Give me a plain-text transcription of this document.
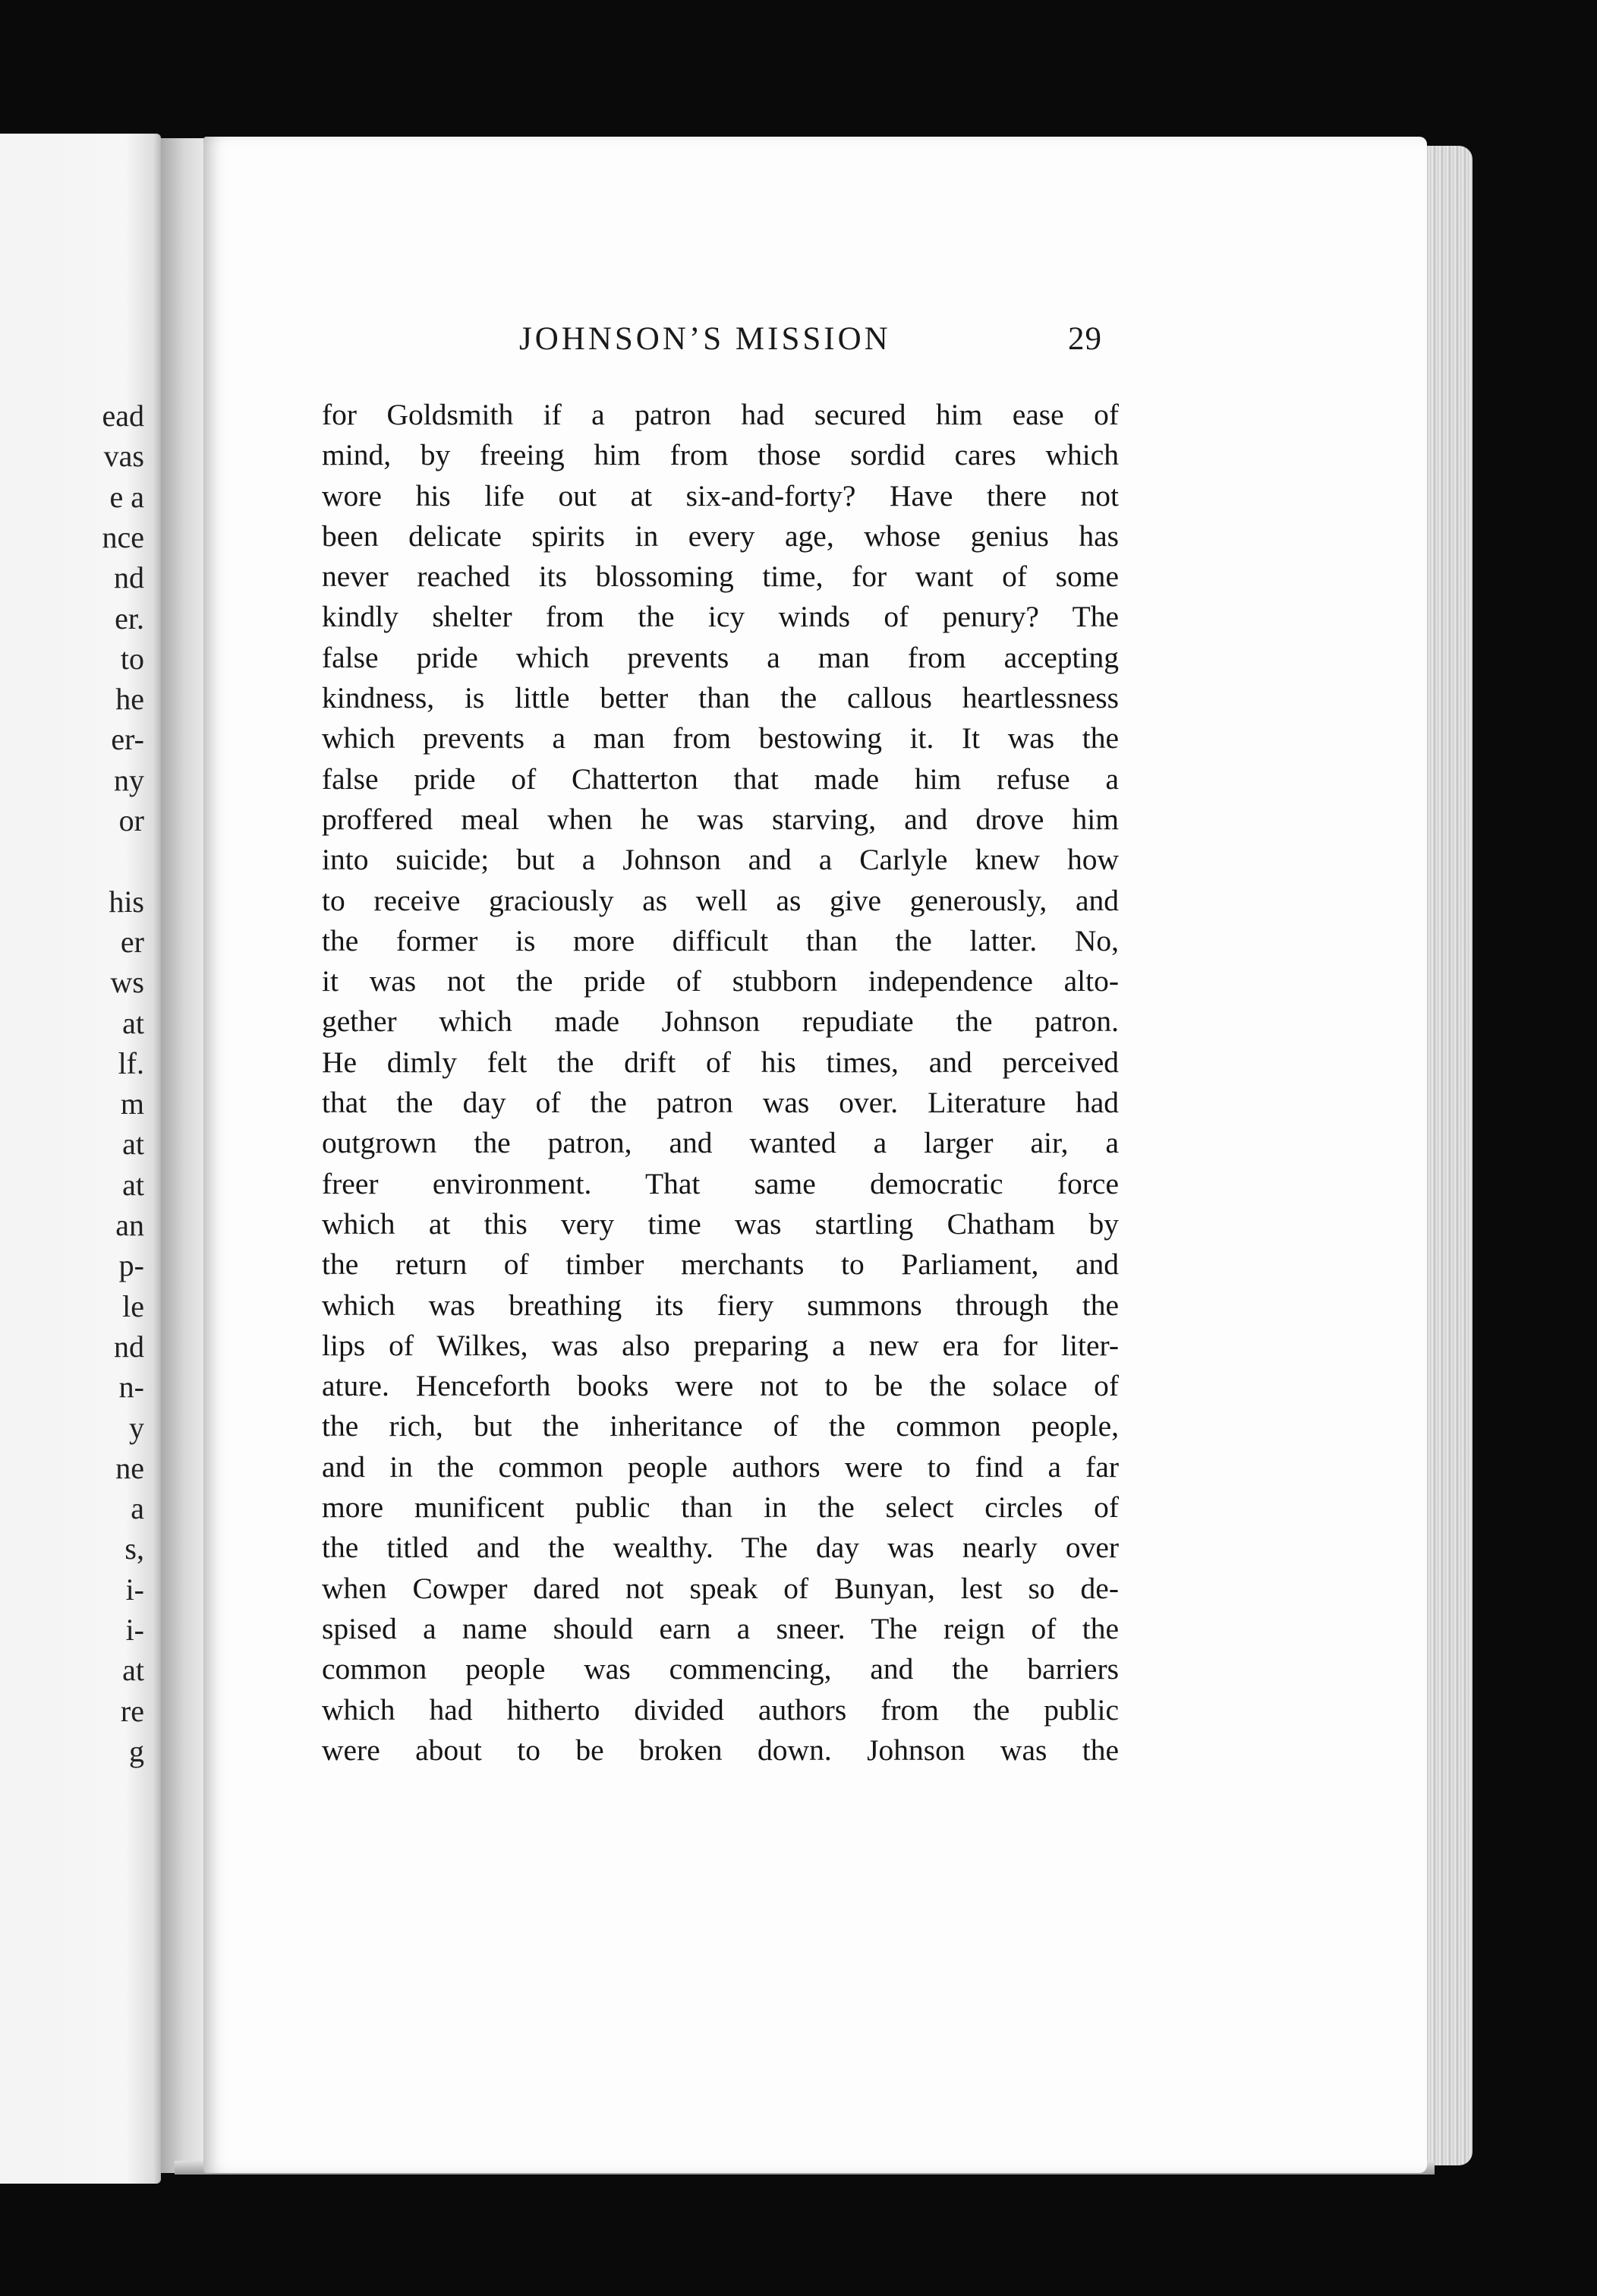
ead
vas
e a
nce
nd
er.
to
he
er-
ny
or
his
er
ws
at
lf.
m
at
at
an
p-
le
nd
n-
y
ne
a
s,
i-
i-
at
re
g
JOHNSON’S MISSION	29
for Goldsmith if a patron had secured him ease of
mind, by freeing him from those sordid cares which
wore his life out at six-and-forty? Have there not
been delicate spirits in every age, whose genius has
never reached its blossoming time, for want of some
kindly shelter from the icy winds of penury? The
false pride which prevents a man from accepting
kindness, is little better than the callous heartlessness
which prevents a man from bestowing it. It was the
false pride of Chatterton that made him refuse a
proffered meal when he was starving, and drove him
into suicide; but a Johnson and a Carlyle knew how
to receive graciously as well as give generously, and
the former is more difficult than the latter. No,
it was not the pride of stubborn independence alto-
gether which made Johnson repudiate the patron.
He dimly felt the drift of his times, and perceived
that the day of the patron was over. Literature had
outgrown the patron, and wanted a larger air, a
freer environment. That same democratic force
which at this very time was startling Chatham by
the return of timber merchants to Parliament, and
which was breathing its fiery summons through the
lips of Wilkes, was also preparing a new era for liter-
ature. Henceforth books were not to be the solace of
the rich, but the inheritance of the common people,
and in the common people authors were to find a far
more munificent public than in the select circles of
the titled and the wealthy. The day was nearly over
when Cowper dared not speak of Bunyan, lest so de-
spised a name should earn a sneer. The reign of the
common people was commencing, and the barriers
which had hitherto divided authors from the public
were about to be broken down. Johnson was the
